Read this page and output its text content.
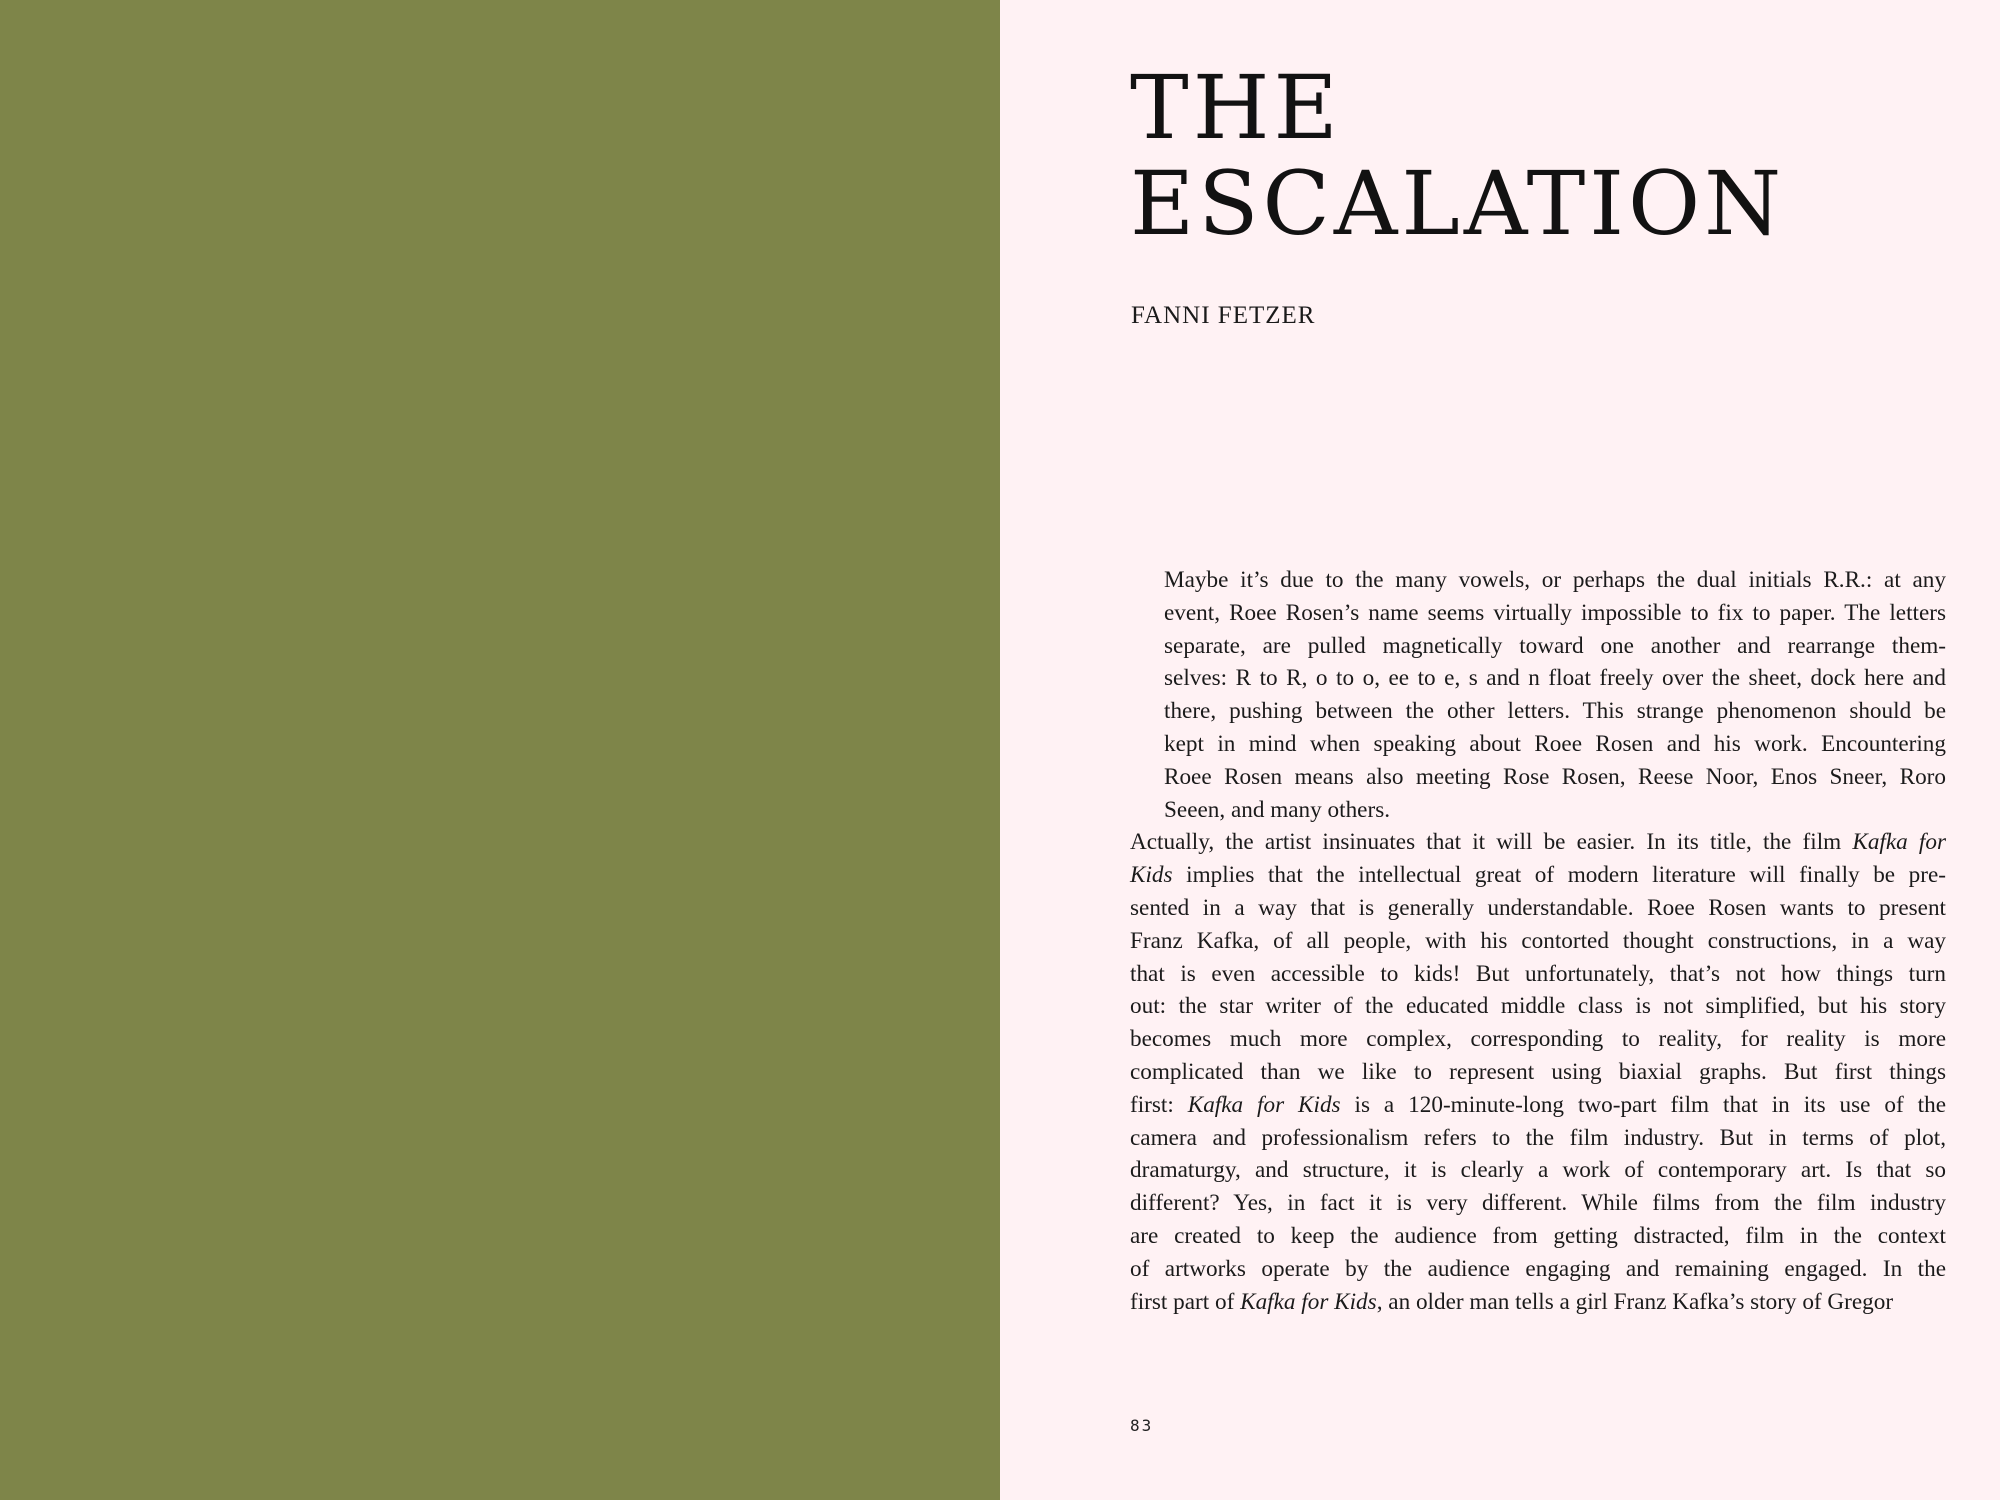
THE
ESCALATION

FANNI FETZER

Maybe it’s due to the many vowels, or perhaps the dual initials R.R.: at any
event, Roee Rosen’s name seems virtually impossible to fix to paper. The letters
separate, are pulled magnetically toward one another and rearrange them-
selves: R to R, o to o, ee to e, s and n float freely over the sheet, dock here and
there, pushing between the other letters. This strange phenomenon should be
kept in mind when speaking about Roee Rosen and his work. Encountering
Roee Rosen means also meeting Rose Rosen, Reese Noor, Enos Sneer, Roro
Seeen, and many others.

Actually, the artist insinuates that it will be easier. In its title, the film Kafka for
Kids implies that the intellectual great of modern literature will finally be pre-
sented in a way that is generally understandable. Roee Rosen wants to present
Franz Kafka, of all people, with his contorted thought constructions, in a way
that is even accessible to kids! But unfortunately, that’s not how things turn
out: the star writer of the educated middle class is not simplified, but his story
becomes much more complex, corresponding to reality, for reality is more
complicated than we like to represent using biaxial graphs. But first things
first: Kafka for Kids is a 120-minute-long two-part film that in its use of the
camera and professionalism refers to the film industry. But in terms of plot,
dramaturgy, and structure, it is clearly a work of contemporary art. Is that so
different? Yes, in fact it is very different. While films from the film industry
are created to keep the audience from getting distracted, film in the context
of artworks operate by the audience engaging and remaining engaged. In the
first part of Kafka for Kids, an older man tells a girl Franz Kafka’s story of Gregor

83
